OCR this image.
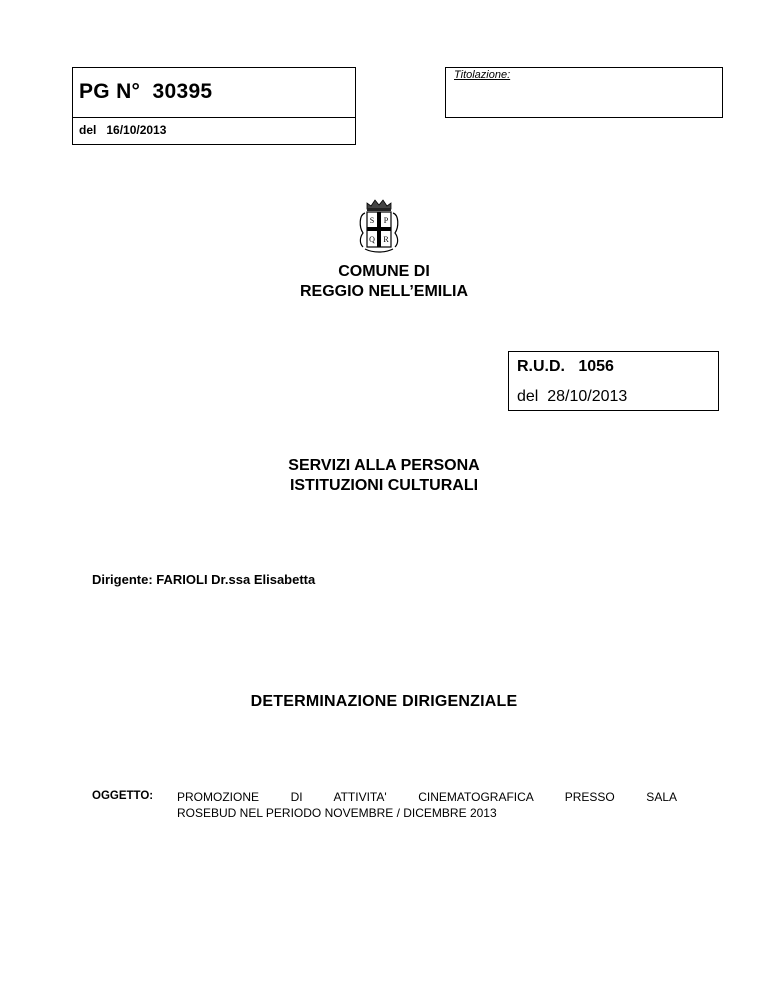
PG N°  30395
del   16/10/2013
Titolazione:
S P
Q R
COMUNE DI
REGGIO NELL’EMILIA
R.U.D.   1056
del  28/10/2013
SERVIZI ALLA PERSONA
ISTITUZIONI CULTURALI
Dirigente: FARIOLI Dr.ssa Elisabetta
DETERMINAZIONE DIRIGENZIALE
OGGETTO: PROMOZIONE DI ATTIVITA' CINEMATOGRAFICA PRESSO SALA
ROSEBUD NEL PERIODO NOVEMBRE / DICEMBRE 2013
